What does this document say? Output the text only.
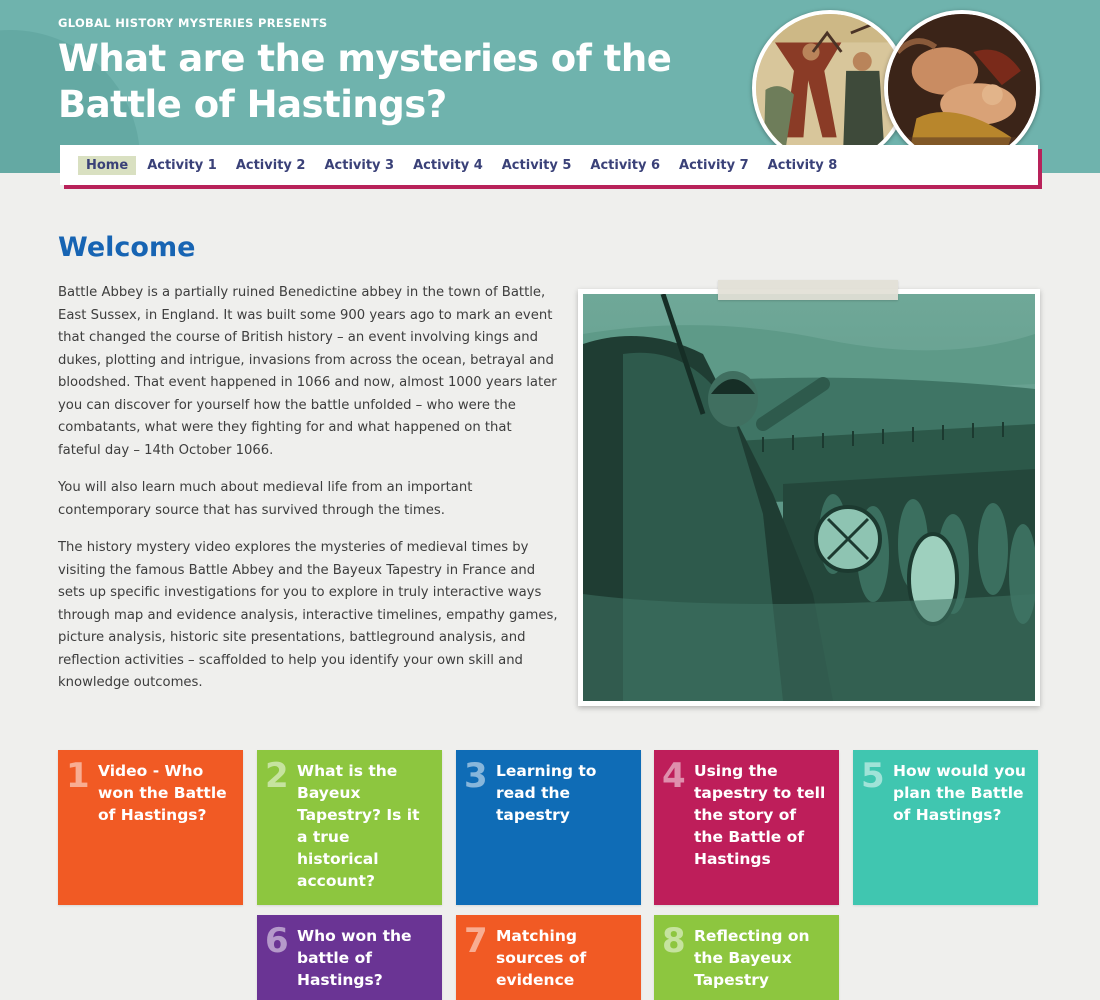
GLOBAL HISTORY MYSTERIES PRESENTS
What are the mysteries of the Battle of Hastings?
Home	Activity 1	Activity 2	Activity 3	Activity 4	Activity 5	Activity 6	Activity 7	Activity 8
Welcome

Battle Abbey is a partially ruined Benedictine abbey in the town of Battle, East Sussex, in England. It was built some 900 years ago to mark an event that changed the course of British history – an event involving kings and dukes, plotting and intrigue, invasions from across the ocean, betrayal and bloodshed. That event happened in 1066 and now, almost 1000 years later you can discover for yourself how the battle unfolded – who were the combatants, what were they fighting for and what happened on that fateful day – 14th October 1066.

You will also learn much about medieval life from an important contemporary source that has survived through the times.

The history mystery video explores the mysteries of medieval times by visiting the famous Battle Abbey and the Bayeux Tapestry in France and sets up specific investigations for you to explore in truly interactive ways through map and evidence analysis, interactive timelines, empathy games, picture analysis, historic site presentations, battleground analysis, and reflection activities – scaffolded to help you identify your own skill and knowledge outcomes.

1 Video - Who won the Battle of Hastings?
2 What is the Bayeux Tapestry? Is it a true historical account?
3 Learning to read the tapestry
4 Using the tapestry to tell the story of the Battle of Hastings
5 How would you plan the Battle of Hastings?
6 Who won the battle of Hastings?
7 Matching sources of evidence
8 Reflecting on the Bayeux Tapestry
